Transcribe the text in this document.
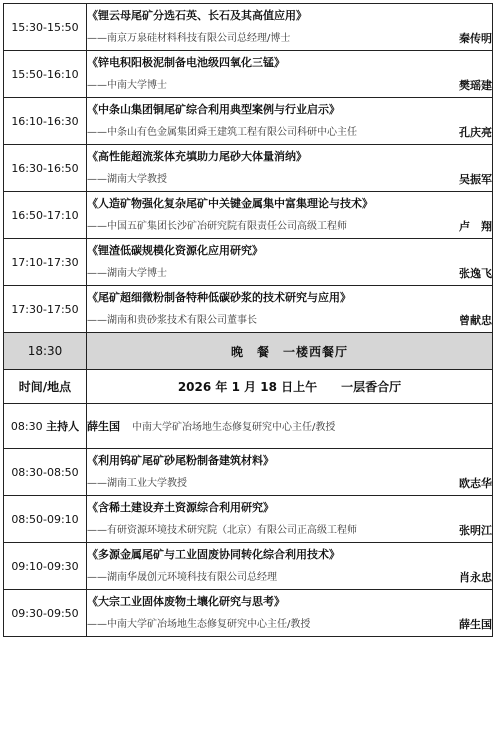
15:30-15:50	《锂云母尾矿分选石英、长石及其高值应用》
——南京万泉硅材料科技有限公司总经理/博士 秦传明

15:50-16:10	《锌电积阳极泥制备电池级四氧化三锰》
——中南大学博士 樊瑶建

16:10-16:30	《中条山集团铜尾矿综合利用典型案例与行业启示》
——中条山有色金属集团舜王建筑工程有限公司科研中心主任 孔庆亮

16:30-16:50	《高性能超流浆体充填助力尾砂大体量消纳》
——湖南大学教授 吴振军

16:50-17:10	《人造矿物强化复杂尾矿中关键金属集中富集理论与技术》
——中国五矿集团长沙矿冶研究院有限责任公司高级工程师 卢　翔

17:10-17:30	《锂渣低碳规模化资源化应用研究》
——湖南大学博士 张逸飞

17:30-17:50	《尾矿超细微粉制备特种低碳砂浆的技术研究与应用》
——湖南和贵砂浆技术有限公司董事长 曾献忠

18:30	晚　餐　一楼西餐厅
时间/地点	2026 年 1 月 18 日上午　　一层香合厅
08:30 主持人	薛生国 中南大学矿冶场地生态修复研究中心主任/教授

08:30-08:50	《利用钨矿尾矿砂尾粉制备建筑材料》
——湖南工业大学教授 欧志华

08:50-09:10	《含稀土建设弃土资源综合利用研究》
——有研资源环境技术研究院（北京）有限公司正高级工程师 张明江

09:10-09:30	《多源金属尾矿与工业固废协同转化综合利用技术》
——湖南华晟创元环境科技有限公司总经理 肖永忠

09:30-09:50	《大宗工业固体废物土壤化研究与思考》
——中南大学矿冶场地生态修复研究中心主任/教授 薛生国
